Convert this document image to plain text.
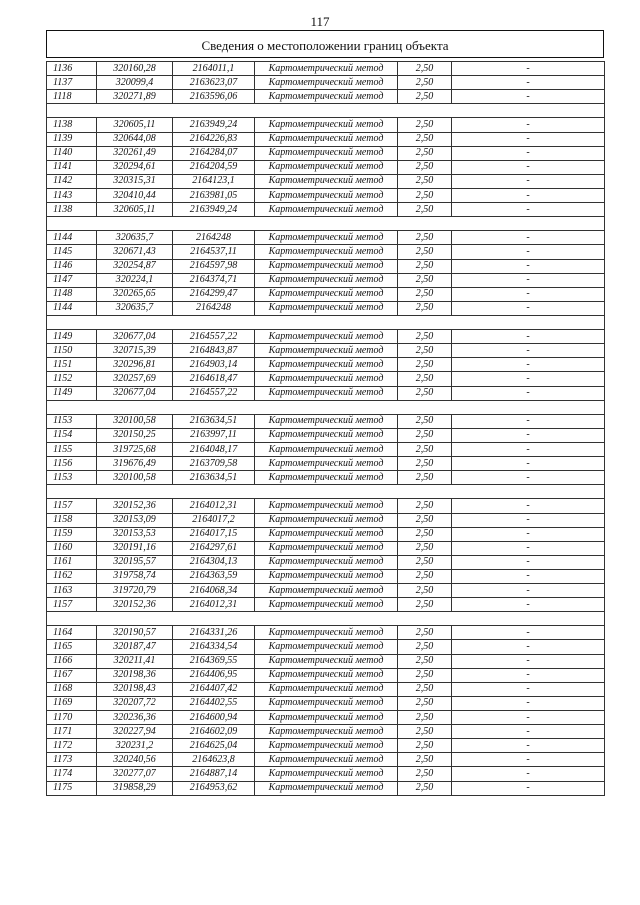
117
Сведения о местоположении границ объекта
1136	320160,28	2164011,1	Картометрический метод	2,50	-
1137	320099,4	2163623,07	Картометрический метод	2,50	-
1118	320271,89	2163596,06	Картометрический метод	2,50	-

1138	320605,11	2163949,24	Картометрический метод	2,50	-
1139	320644,08	2164226,83	Картометрический метод	2,50	-
1140	320261,49	2164284,07	Картометрический метод	2,50	-
1141	320294,61	2164204,59	Картометрический метод	2,50	-
1142	320315,31	2164123,1	Картометрический метод	2,50	-
1143	320410,44	2163981,05	Картометрический метод	2,50	-
1138	320605,11	2163949,24	Картометрический метод	2,50	-

1144	320635,7	2164248	Картометрический метод	2,50	-
1145	320671,43	2164537,11	Картометрический метод	2,50	-
1146	320254,87	2164597,98	Картометрический метод	2,50	-
1147	320224,1	2164374,71	Картометрический метод	2,50	-
1148	320265,65	2164299,47	Картометрический метод	2,50	-
1144	320635,7	2164248	Картометрический метод	2,50	-

1149	320677,04	2164557,22	Картометрический метод	2,50	-
1150	320715,39	2164843,87	Картометрический метод	2,50	-
1151	320296,81	2164903,14	Картометрический метод	2,50	-
1152	320257,69	2164618,47	Картометрический метод	2,50	-
1149	320677,04	2164557,22	Картометрический метод	2,50	-

1153	320100,58	2163634,51	Картометрический метод	2,50	-
1154	320150,25	2163997,11	Картометрический метод	2,50	-
1155	319725,68	2164048,17	Картометрический метод	2,50	-
1156	319676,49	2163709,58	Картометрический метод	2,50	-
1153	320100,58	2163634,51	Картометрический метод	2,50	-

1157	320152,36	2164012,31	Картометрический метод	2,50	-
1158	320153,09	2164017,2	Картометрический метод	2,50	-
1159	320153,53	2164017,15	Картометрический метод	2,50	-
1160	320191,16	2164297,61	Картометрический метод	2,50	-
1161	320195,57	2164304,13	Картометрический метод	2,50	-
1162	319758,74	2164363,59	Картометрический метод	2,50	-
1163	319720,79	2164068,34	Картометрический метод	2,50	-
1157	320152,36	2164012,31	Картометрический метод	2,50	-

1164	320190,57	2164331,26	Картометрический метод	2,50	-
1165	320187,47	2164334,54	Картометрический метод	2,50	-
1166	320211,41	2164369,55	Картометрический метод	2,50	-
1167	320198,36	2164406,95	Картометрический метод	2,50	-
1168	320198,43	2164407,42	Картометрический метод	2,50	-
1169	320207,72	2164402,55	Картометрический метод	2,50	-
1170	320236,36	2164600,94	Картометрический метод	2,50	-
1171	320227,94	2164602,09	Картометрический метод	2,50	-
1172	320231,2	2164625,04	Картометрический метод	2,50	-
1173	320240,56	2164623,8	Картометрический метод	2,50	-
1174	320277,07	2164887,14	Картометрический метод	2,50	-
1175	319858,29	2164953,62	Картометрический метод	2,50	-
